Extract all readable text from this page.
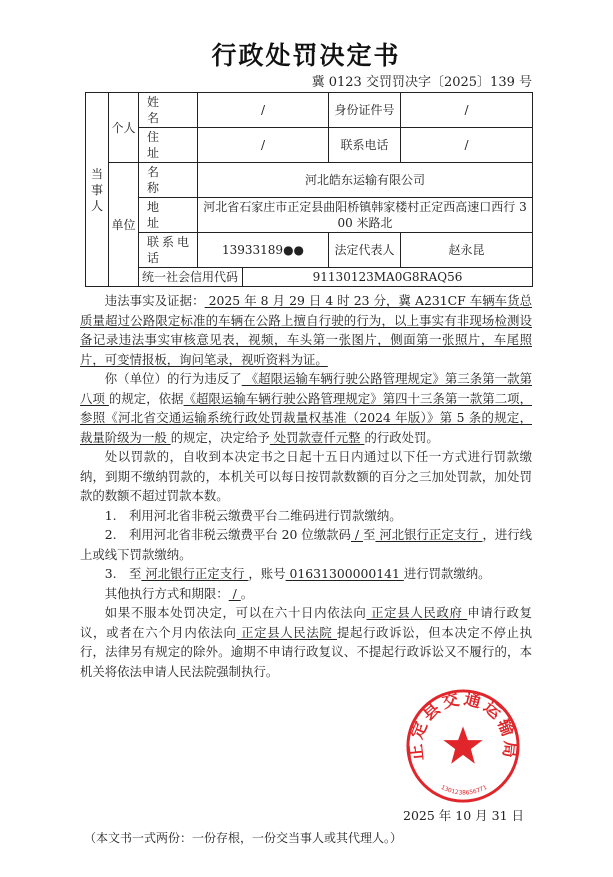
行政处罚决定书
冀 0123 交罚罚决字〔2025〕139 号
当事人	个人	姓　　名	/		身份证件号	/
		住　　址	/		联系电话	/
	单位	名　　称	河北皓东运输有限公司			
		地　　址	河北省石家庄市正定县曲阳桥镇韩家楼村正定西高速口西行 300 米路北			
		联系电话	13933189●●		法定代表人	赵永昆
		统一社会信用代码		91130123MA0G8RAQ56		

违法事实及证据： 2025 年 8 月 29 日 4 时 23 分，冀 A231CF 车辆车货总质量超过公路限定标准的车辆在公路上擅自行驶的行为，以上事实有非现场检测设备记录违法事实审核意见表，视频，车头第一张图片，侧面第一张照片，车尾照片，可变情报板，询问笔录，视听资料为证。

你（单位）的行为违反了 《超限运输车辆行驶公路管理规定》第三条第一款第八项 的规定，依据《超限运输车辆行驶公路管理规定》第四十三条第一款第二项，参照《河北省交通运输系统行政处罚裁量权基准（2024 年版）》第 5 条的规定，裁量阶级为一般 的规定，决定给予 处罚款壹仟元整 的行政处罚。

处以罚款的，自收到本决定书之日起十五日内通过以下任一方式进行罚款缴纳，到期不缴纳罚款的，本机关可以每日按罚款数额的百分之三加处罚款，加处罚款的数额不超过罚款本数。

1.　利用河北省非税云缴费平台二维码进行罚款缴纳。

2.　利用河北省非税云缴费平台 20 位缴款码 / 至 河北银行正定支行 ，进行线上或线下罚款缴纳。

3.　至 河北银行正定支行 ，账号 01631300000141 进行罚款缴纳。

其他执行方式和期限： / 。

如果不服本处罚决定，可以在六十日内依法向 正定县人民政府 申请行政复议，或者在六个月内依法向 正定县人民法院 提起行政诉讼，但本决定不停止执行，法律另有规定的除外。逾期不申请行政复议、不提起行政诉讼又不履行的，本机关将依法申请人民法院强制执行。

正定县交通运输局
1301238656771
2025 年 10 月 31 日
（本文书一式两份：一份存根，一份交当事人或其代理人。）
